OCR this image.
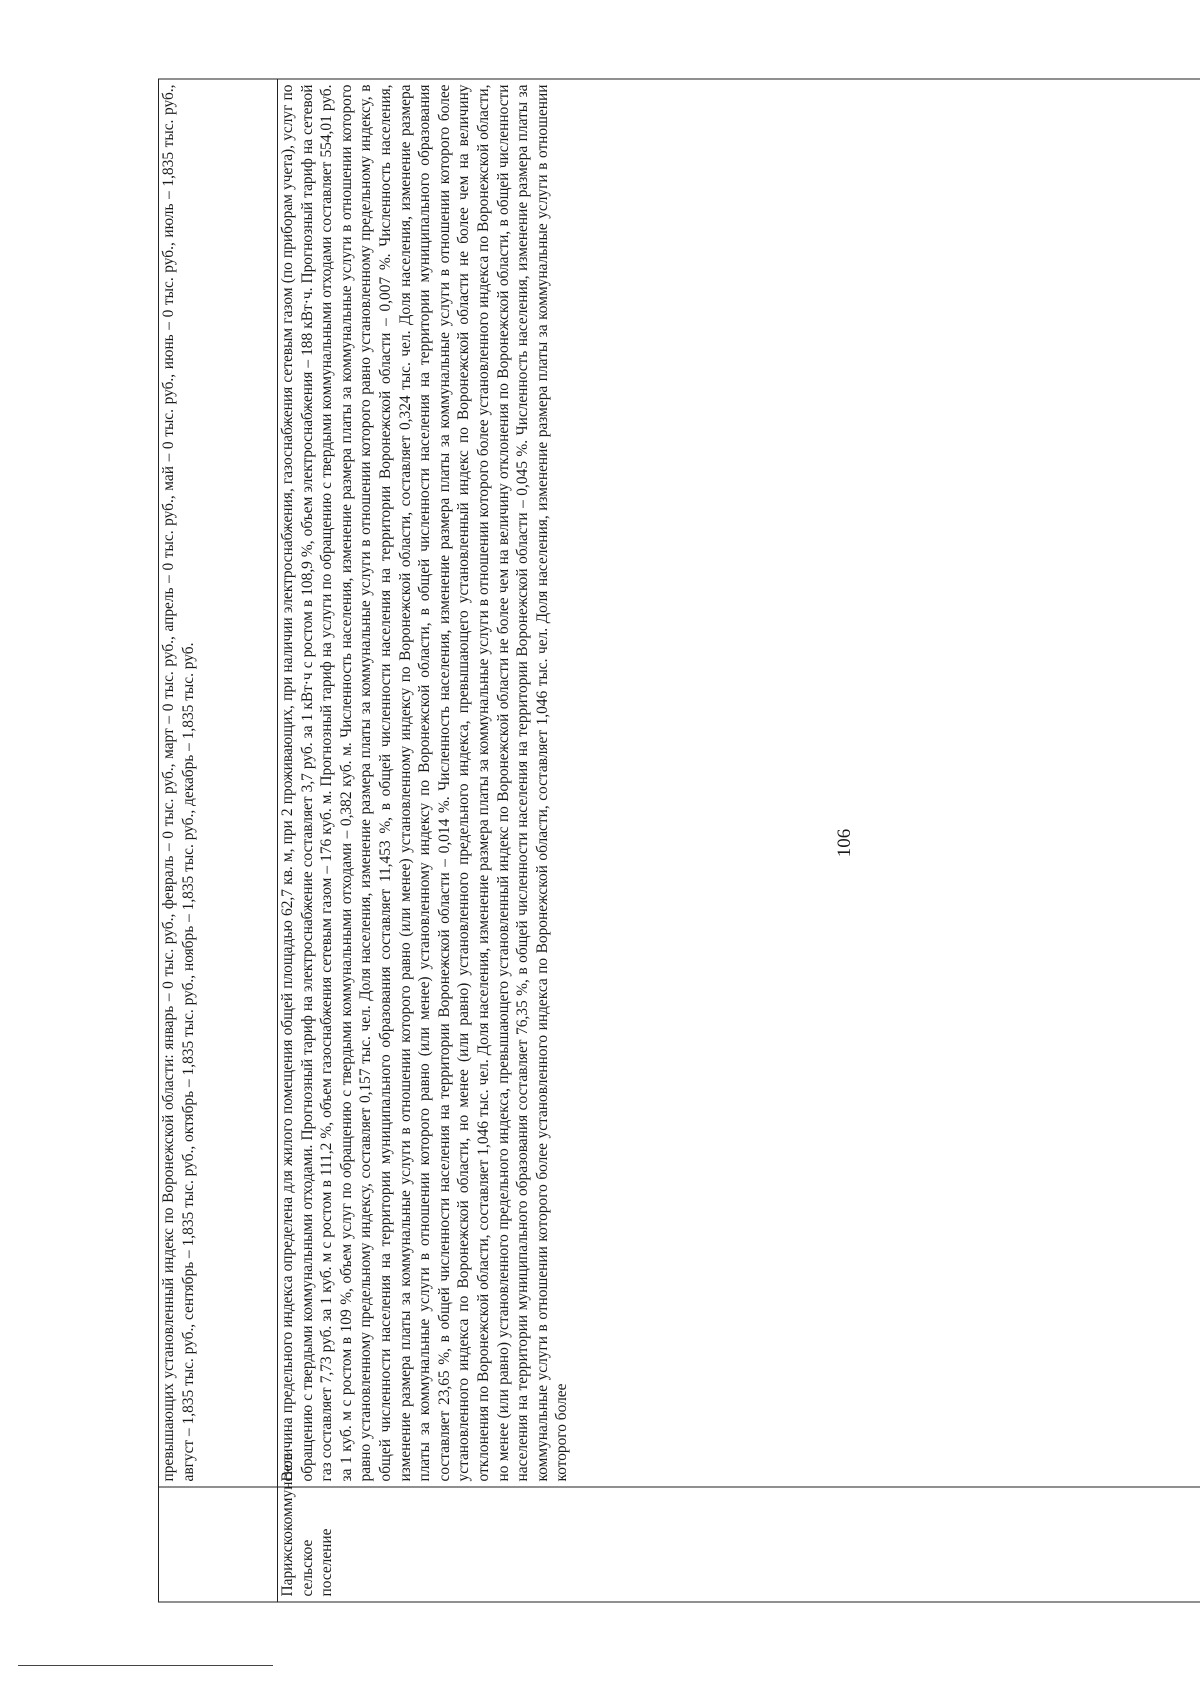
106
	превышающих установленный индекс по Воронежской области: январь – 0 тыс. руб., февраль – 0 тыс. руб., март – 0 тыс. руб., апрель – 0 тыс. руб., май – 0 тыс. руб., июнь – 0 тыс. руб., июль – 1,835 тыс. руб., август – 1,835 тыс. руб., сентябрь – 1,835 тыс. руб., октябрь – 1,835 тыс. руб., ноябрь – 1,835 тыс. руб., декабрь – 1,835 тыс. руб.
Парижскокоммунское сельское поселение	Величина предельного индекса определена для жилого помещения общей площадью 62,7 кв. м, при 2 проживающих, при наличии электроснабжения, газоснабжения сетевым газом (по приборам учета), услуг по обращению с твердыми коммунальными отходами. Прогнозный тариф на электроснабжение составляет 3,7 руб. за 1 кВт·ч с ростом в 108,9 %, объем электроснабжения – 188 кВт·ч. Прогнозный тариф на сетевой газ составляет 7,73 руб. за 1 куб. м с ростом в 111,2 %, объем газоснабжения сетевым газом – 176 куб. м. Прогнозный тариф на услуги по обращению с твердыми коммунальными отходами составляет 554,01 руб. за 1 куб. м с ростом в 109 %, объем услуг по обращению с твердыми коммунальными отходами – 0,382 куб. м. Численность населения, изменение размера платы за коммунальные услуги в отношении которого равно установленному предельному индексу, составляет 0,157 тыс. чел. Доля населения, изменение размера платы за коммунальные услуги в отношении которого равно установленному предельному индексу, в общей численности населения на территории муниципального образования составляет 11,453 %, в общей численности населения на территории Воронежской области – 0,007 %. Численность населения, изменение размера платы за коммунальные услуги в отношении которого равно (или менее) установленному индексу по Воронежской области, составляет 0,324 тыс. чел. Доля населения, изменение размера платы за коммунальные услуги в отношении которого равно (или менее) установленному индексу по Воронежской области, в общей численности населения на территории муниципального образования составляет 23,65 %, в общей численности населения на территории Воронежской области – 0,014 %. Численность населения, изменение размера платы за коммунальные услуги в отношении которого более установленного индекса по Воронежской области, но менее (или равно) установленного предельного индекса, превышающего установленный индекс по Воронежской области не более чем на величину отклонения по Воронежской области, составляет 1,046 тыс. чел. Доля населения, изменение размера платы за коммунальные услуги в отношении которого более установленного индекса по Воронежской области, но менее (или равно) установленного предельного индекса, превышающего установленный индекс по Воронежской области не более чем на величину отклонения по Воронежской области, в общей численности населения на территории муниципального образования составляет 76,35 %, в общей численности населения на территории Воронежской области – 0,045 %. Численность населения, изменение размера платы за коммунальные услуги в отношении которого более установленного индекса по Воронежской области, составляет 1,046 тыс. чел. Доля населения, изменение размера платы за коммунальные услуги в отношении которого более
